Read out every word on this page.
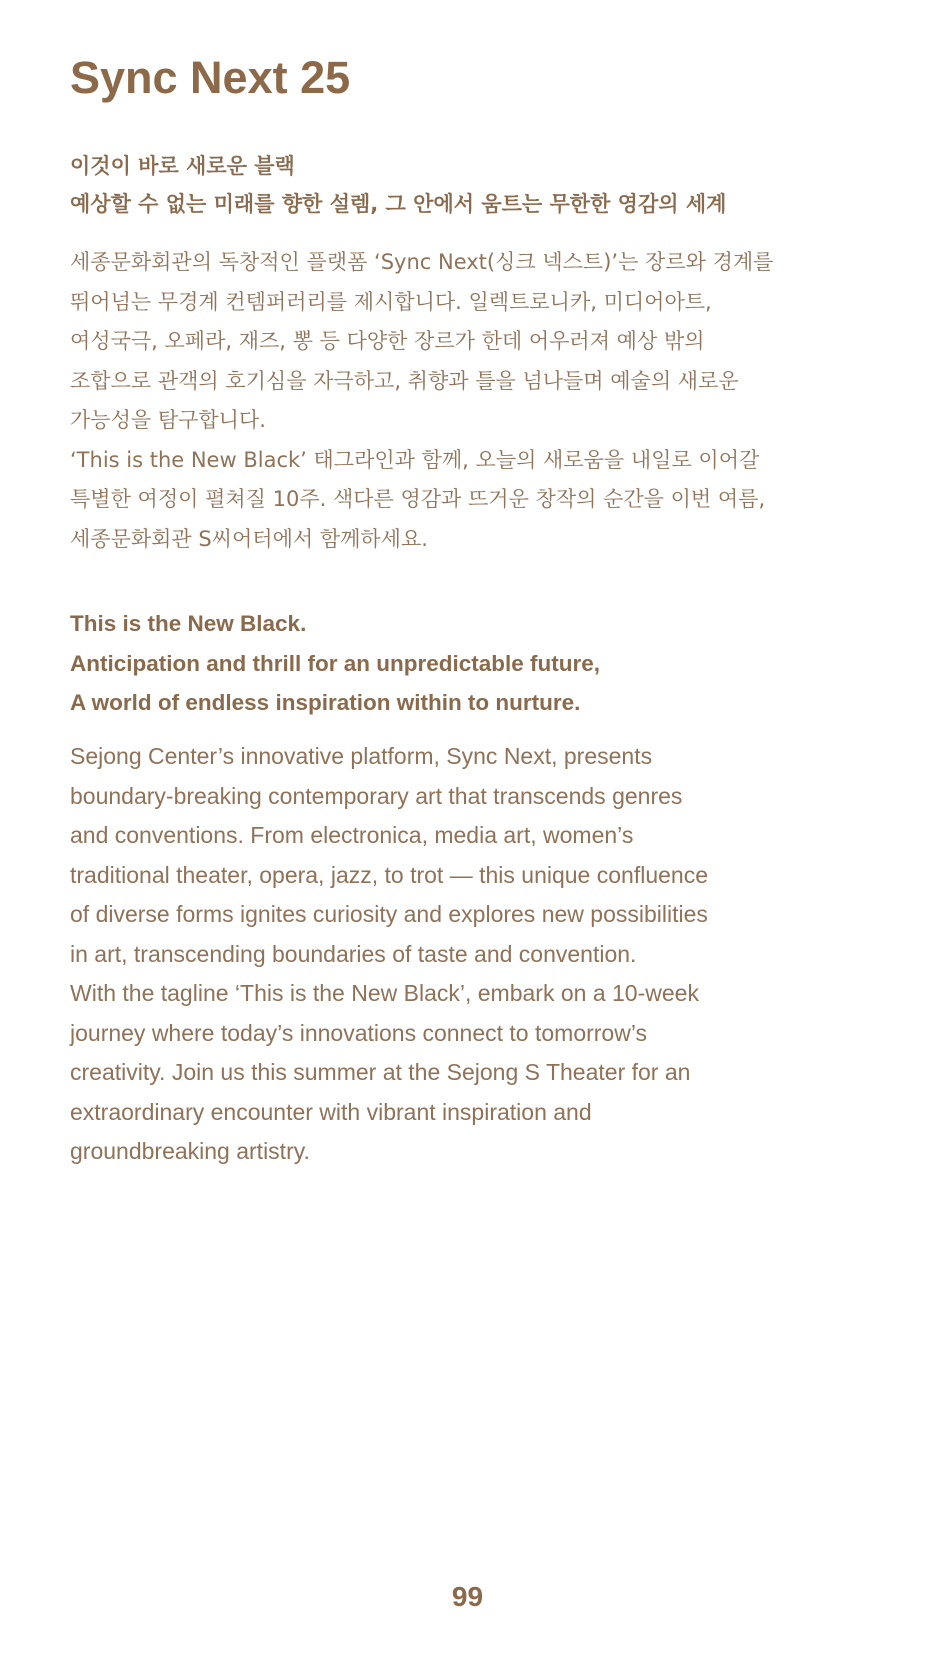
Sync Next 25
이것이 바로 새로운 블랙
예상할 수 없는 미래를 향한 설렘, 그 안에서 움트는 무한한 영감의 세계
세종문화회관의 독창적인 플랫폼 ‘Sync Next(싱크 넥스트)’는 장르와 경계를
뛰어넘는 무경계 컨템퍼러리를 제시합니다. 일렉트로니카, 미디어아트,
여성국극, 오페라, 재즈, 뽕 등 다양한 장르가 한데 어우러져 예상 밖의
조합으로 관객의 호기심을 자극하고, 취향과 틀을 넘나들며 예술의 새로운
가능성을 탐구합니다.
‘This is the New Black’ 태그라인과 함께, 오늘의 새로움을 내일로 이어갈
특별한 여정이 펼쳐질 10주. 색다른 영감과 뜨거운 창작의 순간을 이번 여름,
세종문화회관 S씨어터에서 함께하세요.
This is the New Black.
Anticipation and thrill for an unpredictable future,
A world of endless inspiration within to nurture.
Sejong Center’s innovative platform, Sync Next, presents
boundary-breaking contemporary art that transcends genres
and conventions. From electronica, media art, women’s
traditional theater, opera, jazz, to trot — this unique confluence
of diverse forms ignites curiosity and explores new possibilities
in art, transcending boundaries of taste and convention.
With the tagline ‘This is the New Black’, embark on a 10-week
journey where today’s innovations connect to tomorrow’s
creativity. Join us this summer at the Sejong S Theater for an
extraordinary encounter with vibrant inspiration and
groundbreaking artistry.
99
